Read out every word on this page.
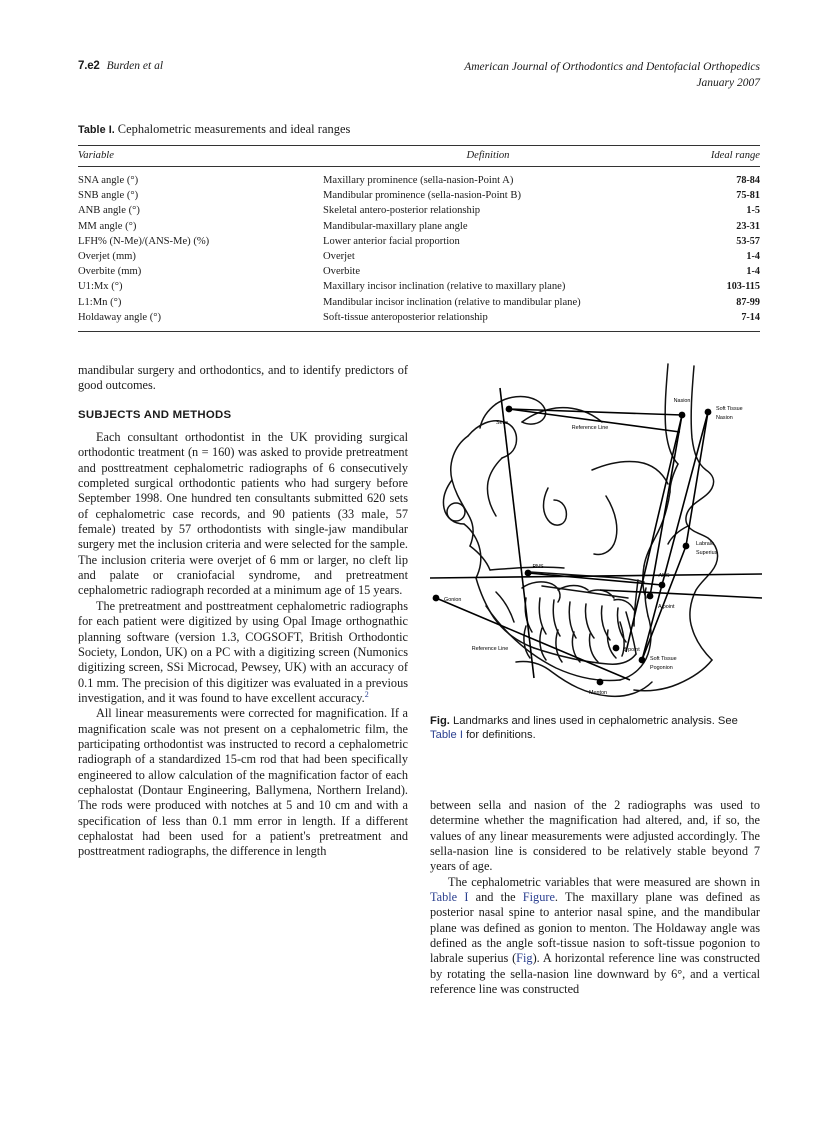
7.e2 Burden et al	American Journal of Orthodontics and Dentofacial Orthopedics
January 2007
Table I. Cephalometric measurements and ideal ranges
Variable	Definition	Ideal range
SNA angle (°)	Maxillary prominence (sella-nasion-Point A)	78-84
SNB angle (°)	Mandibular prominence (sella-nasion-Point B)	75-81
ANB angle (°)	Skeletal antero-posterior relationship	1-5
MM angle (°)	Mandibular-maxillary plane angle	23-31
LFH% (N-Me)/(ANS-Me) (%)	Lower anterior facial proportion	53-57
Overjet (mm)	Overjet	1-4
Overbite (mm)	Overbite	1-4
U1:Mx (°)	Maxillary incisor inclination (relative to maxillary plane)	103-115
L1:Mn (°)	Mandibular incisor inclination (relative to mandibular plane)	87-99
Holdaway angle (°)	Soft-tissue anteroposterior relationship	7-14

mandibular surgery and orthodontics, and to identify predictors of good outcomes.

SUBJECTS AND METHODS

Each consultant orthodontist in the UK providing surgical orthodontic treatment (n = 160) was asked to provide pretreatment and posttreatment cephalometric radiographs of 6 consecutively completed surgical orthodontic patients who had surgery before September 1998. One hundred ten consultants submitted 620 sets of cephalometric case records, and 90 patients (33 male, 57 female) treated by 57 orthodontists with single-jaw mandibular surgery met the inclusion criteria and were selected for the sample. The inclusion criteria were overjet of 6 mm or larger, no cleft lip and palate or craniofacial syndrome, and pretreatment cephalometric radiograph recorded at a minimum age of 15 years.

The pretreatment and posttreatment cephalometric radiographs for each patient were digitized by using Opal Image orthognathic planning software (version 1.3, COGSOFT, British Orthodontic Society, London, UK) on a PC with a digitizing screen (Numonics digitizing screen, SSi Microcad, Pewsey, UK) with an accuracy of 0.1 mm. The precision of this digitizer was evaluated in a previous investigation, and it was found to have excellent accuracy.$^2$

All linear measurements were corrected for magnification. If a magnification scale was not present on a cephalometric film, the participating orthodontist was instructed to record a cephalometric radiograph of a standardized 15-cm rod that had been specifically engineered to allow calculation of the magnification factor of each cephalostat (Dontaur Engineering, Ballymena, Northern Ireland). The rods were produced with notches at 5 and 10 cm and with a specification of less than 0.1 mm error in length. If a different cephalostat had been used for a patient's pretreatment and posttreatment radiographs, the difference in length

Sella
Nasion
Soft Tissue
Nasion
Reference Line
PNS
ANS
A point
Labrale
Superius
Gonion
B point
Soft Tissue
Pogonion
Menton
Reference Line
Fig. Landmarks and lines used in cephalometric analysis. See Table I for definitions.

between sella and nasion of the 2 radiographs was used to determine whether the magnification had altered, and, if so, the values of any linear measurements were adjusted accordingly. The sella-nasion line is considered to be relatively stable beyond 7 years of age.

The cephalometric variables that were measured are shown in Table I and the Figure. The maxillary plane was defined as posterior nasal spine to anterior nasal spine, and the mandibular plane was defined as gonion to menton. The Holdaway angle was defined as the angle soft-tissue nasion to soft-tissue pogonion to labrale superius (Fig). A horizontal reference line was constructed by rotating the sella-nasion line downward by 6°, and a vertical reference line was constructed
